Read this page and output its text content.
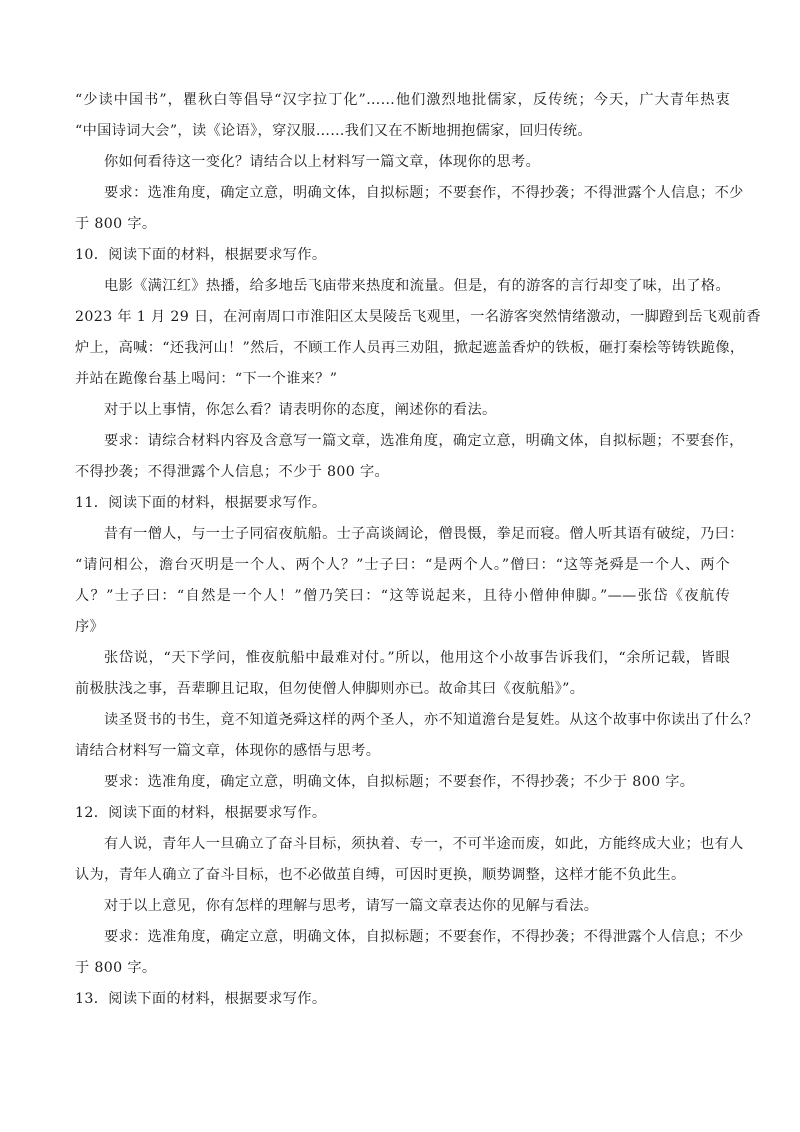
“少读中国书”，瞿秋白等倡导“汉字拉丁化”……他们激烈地批儒家，反传统；今天，广大青年热衷
“中国诗词大会”，读《论语》，穿汉服……我们又在不断地拥抱儒家，回归传统。
你如何看待这一变化？请结合以上材料写一篇文章，体现你的思考。
要求：选准角度，确定立意，明确文体，自拟标题；不要套作，不得抄袭；不得泄露个人信息；不少
于 800 字。
10．阅读下面的材料，根据要求写作。
电影《满江红》热播，给多地岳飞庙带来热度和流量。但是，有的游客的言行却变了味，出了格。
2023 年 1 月 29 日，在河南周口市淮阳区太昊陵岳飞观里，一名游客突然情绪激动，一脚蹬到岳飞观前香
炉上，高喊：“还我河山！”然后，不顾工作人员再三劝阻，掀起遮盖香炉的铁板，砸打秦桧等铸铁跪像，
并站在跪像台基上喝问：“下一个谁来？”
对于以上事情，你怎么看？请表明你的态度，阐述你的看法。
要求：请综合材料内容及含意写一篇文章，选准角度，确定立意，明确文体，自拟标题；不要套作，
不得抄袭；不得泄露个人信息；不少于 800 字。
11．阅读下面的材料，根据要求写作。
昔有一僧人，与一士子同宿夜航船。士子高谈阔论，僧畏慑，拳足而寝。僧人听其语有破绽，乃曰：
“请问相公，澹台灭明是一个人、两个人？”士子曰：“是两个人。”僧曰：“这等尧舜是一个人、两个
人？”士子曰：“自然是一个人！”僧乃笑曰：“这等说起来，且待小僧伸伸脚。”——张岱《夜航传
序》
张岱说，“天下学问，惟夜航船中最难对付。”所以，他用这个小故事告诉我们，“余所记载，皆眼
前极肤浅之事，吾辈聊且记取，但勿使僧人伸脚则亦已。故命其曰《夜航船》”。
读圣贤书的书生，竟不知道尧舜这样的两个圣人，亦不知道澹台是复姓。从这个故事中你读出了什么？
请结合材料写一篇文章，体现你的感悟与思考。
要求：选准角度，确定立意，明确文体，自拟标题；不要套作，不得抄袭；不少于 800 字。
12．阅读下面的材料，根据要求写作。
有人说，青年人一旦确立了奋斗目标，须执着、专一，不可半途而废，如此，方能终成大业；也有人
认为，青年人确立了奋斗目标，也不必做茧自缚，可因时更换，顺势调整，这样才能不负此生。
对于以上意见，你有怎样的理解与思考，请写一篇文章表达你的见解与看法。
要求：选准角度，确定立意，明确文体，自拟标题；不要套作，不得抄袭；不得泄露个人信息；不少
于 800 字。
13．阅读下面的材料，根据要求写作。
